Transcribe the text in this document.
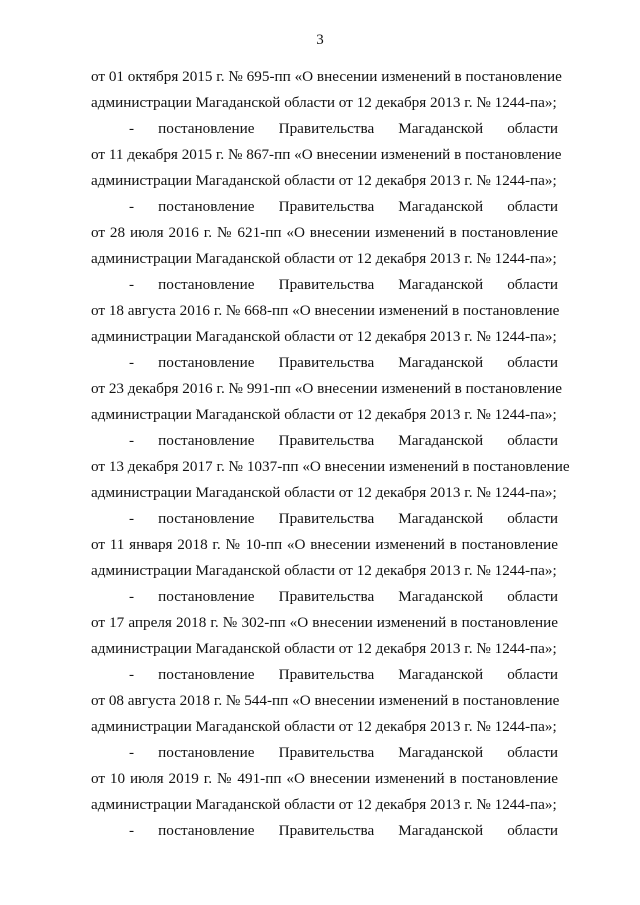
3
от 01 октября 2015 г. № 695-пп «О внесении изменений в постановление
администрации Магаданской области от 12 декабря 2013 г. № 1244-па»;
- постановление Правительства Магаданской области
от 11 декабря 2015 г. № 867-пп «О внесении изменений в постановление
администрации Магаданской области от 12 декабря 2013 г. № 1244-па»;
- постановление Правительства Магаданской области
от 28 июля 2016 г. № 621-пп «О внесении изменений в постановление
администрации Магаданской области от 12 декабря 2013 г. № 1244-па»;
- постановление Правительства Магаданской области
от 18 августа 2016 г. № 668-пп «О внесении изменений в постановление
администрации Магаданской области от 12 декабря 2013 г. № 1244-па»;
- постановление Правительства Магаданской области
от 23 декабря 2016 г. № 991-пп «О внесении изменений в постановление
администрации Магаданской области от 12 декабря 2013 г. № 1244-па»;
- постановление Правительства Магаданской области
от 13 декабря 2017 г. № 1037-пп «О внесении изменений в постановление
администрации Магаданской области от 12 декабря 2013 г. № 1244-па»;
- постановление Правительства Магаданской области
от 11 января 2018 г. № 10-пп «О внесении изменений в постановление
администрации Магаданской области от 12 декабря 2013 г. № 1244-па»;
- постановление Правительства Магаданской области
от 17 апреля 2018 г. № 302-пп «О внесении изменений в постановление
администрации Магаданской области от 12 декабря 2013 г. № 1244-па»;
- постановление Правительства Магаданской области
от 08 августа 2018 г. № 544-пп «О внесении изменений в постановление
администрации Магаданской области от 12 декабря 2013 г. № 1244-па»;
- постановление Правительства Магаданской области
от 10 июля 2019 г. № 491-пп «О внесении изменений в постановление
администрации Магаданской области от 12 декабря 2013 г. № 1244-па»;
- постановление Правительства Магаданской области
